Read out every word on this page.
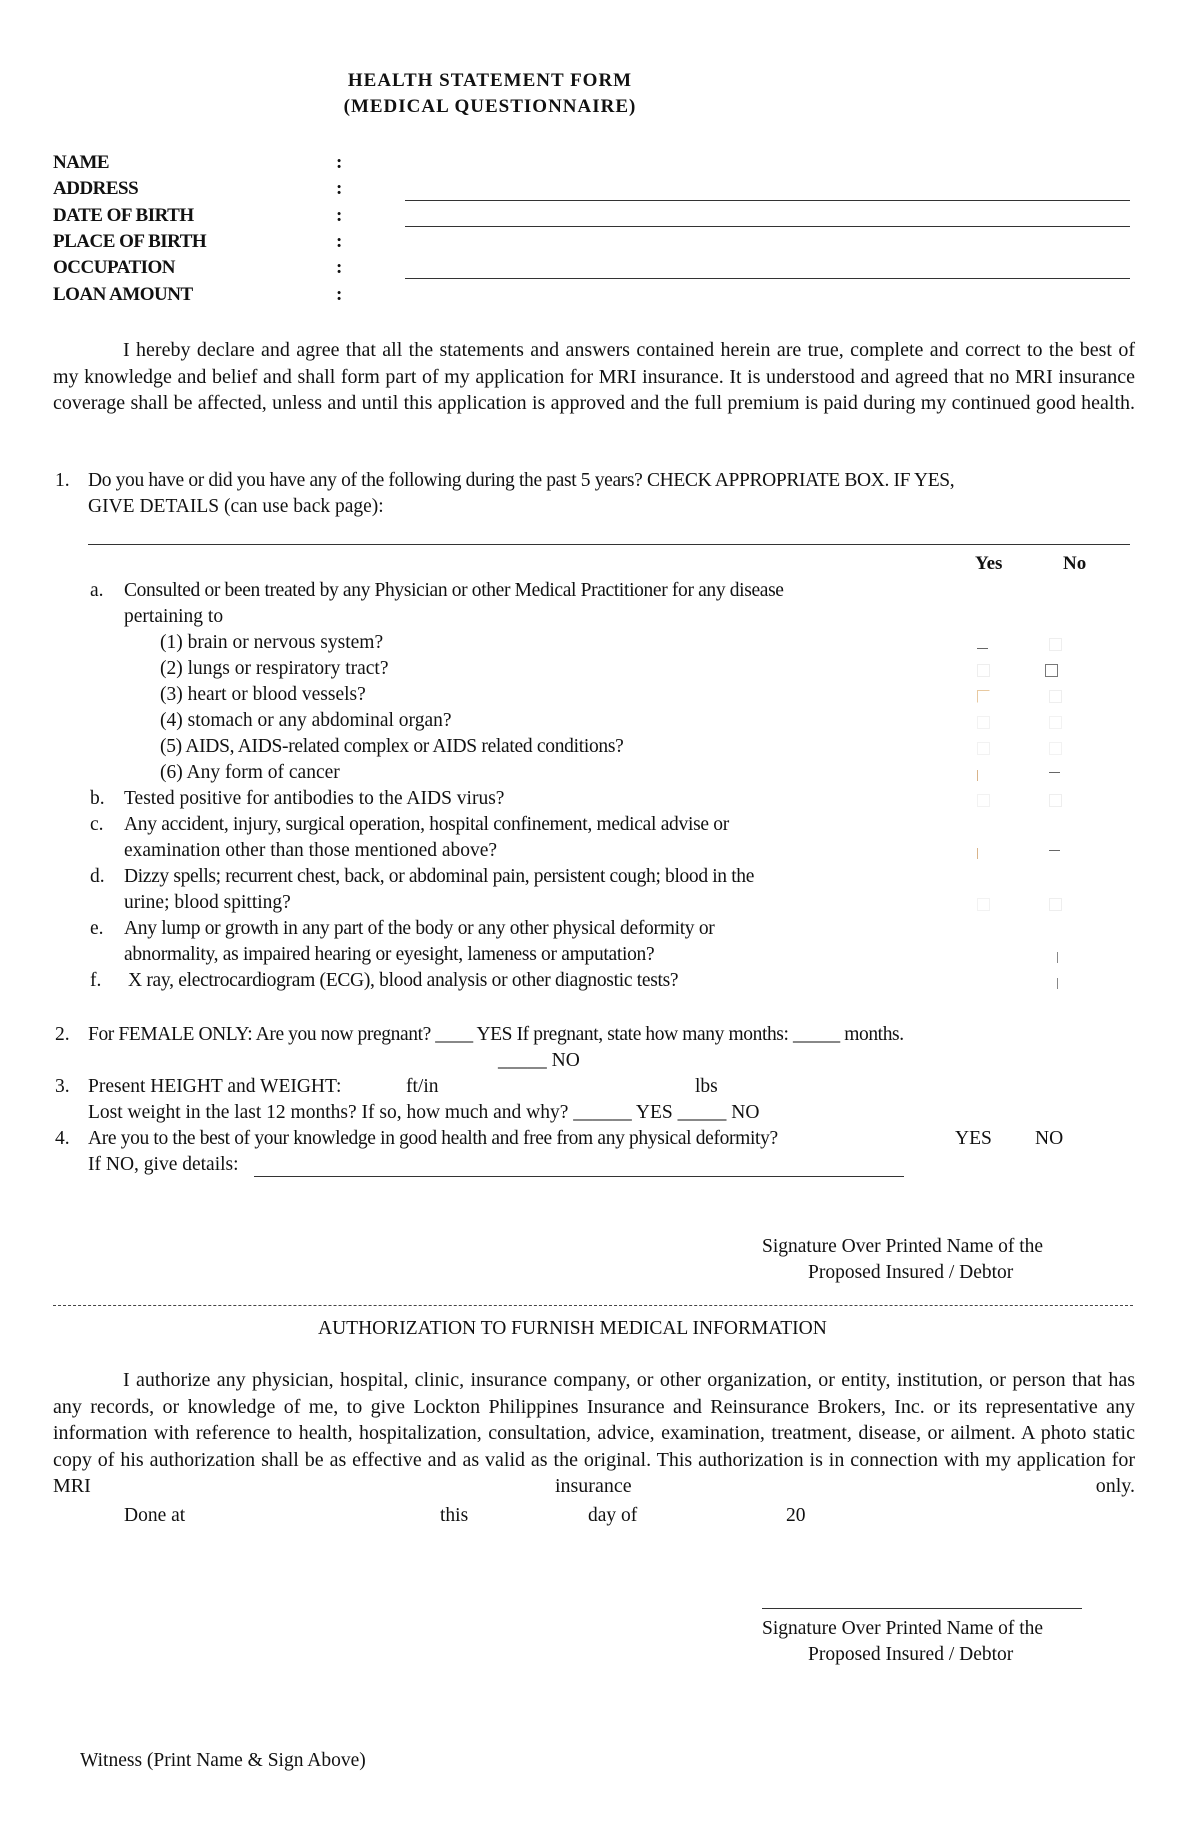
HEALTH STATEMENT FORM
(MEDICAL QUESTIONNAIRE)
NAME	:
ADDRESS	:
DATE OF BIRTH	:
PLACE OF BIRTH	:
OCCUPATION	:
LOAN AMOUNT	:
I hereby declare and agree that all the statements and answers contained herein are true, complete and correct to the best of my knowledge and belief and shall form part of my application for MRI insurance. It is understood and agreed that no MRI insurance coverage shall be affected, unless and until this application is approved and the full premium is paid during my continued good health.
1. Do you have or did you have any of the following during the past 5 years? CHECK APPROPRIATE BOX. IF YES,
GIVE DETAILS (can use back page):
Yes	No
a. Consulted or been treated by any Physician or other Medical Practitioner for any disease
pertaining to
(1) brain or nervous system?
(2) lungs or respiratory tract?
(3) heart or blood vessels?
(4) stomach or any abdominal organ?
(5) AIDS, AIDS-related complex or AIDS related conditions?
(6) Any form of cancer
b. Tested positive for antibodies to the AIDS virus?
c. Any accident, injury, surgical operation, hospital confinement, medical advise or
examination other than those mentioned above?
d. Dizzy spells; recurrent chest, back, or abdominal pain, persistent cough; blood in the
urine; blood spitting?
e. Any lump or growth in any part of the body or any other physical deformity or
abnormality, as impaired hearing or eyesight, lameness or amputation?
f. X ray, electrocardiogram (ECG), blood analysis or other diagnostic tests?
2. For FEMALE ONLY: Are you now pregnant? ____ YES If pregnant, state how many months: _____ months.
_____ NO
3. Present HEIGHT and WEIGHT:	ft/in	lbs
Lost weight in the last 12 months? If so, how much and why? ______ YES _____ NO
4. Are you to the best of your knowledge in good health and free from any physical deformity?	YES NO
If NO, give details:
Signature Over Printed Name of the
Proposed Insured / Debtor
AUTHORIZATION TO FURNISH MEDICAL INFORMATION
I authorize any physician, hospital, clinic, insurance company, or other organization, or entity, institution, or person that has any records, or knowledge of me, to give Lockton Philippines Insurance and Reinsurance Brokers, Inc. or its representative any information with reference to health, hospitalization, consultation, advice, examination, treatment, disease, or ailment. A photo static copy of his authorization shall be as effective and as valid as the original. This authorization is in connection with my application for MRI insurance only.
Done at	this	day of	20
Signature Over Printed Name of the
Proposed Insured / Debtor
Witness (Print Name & Sign Above)
